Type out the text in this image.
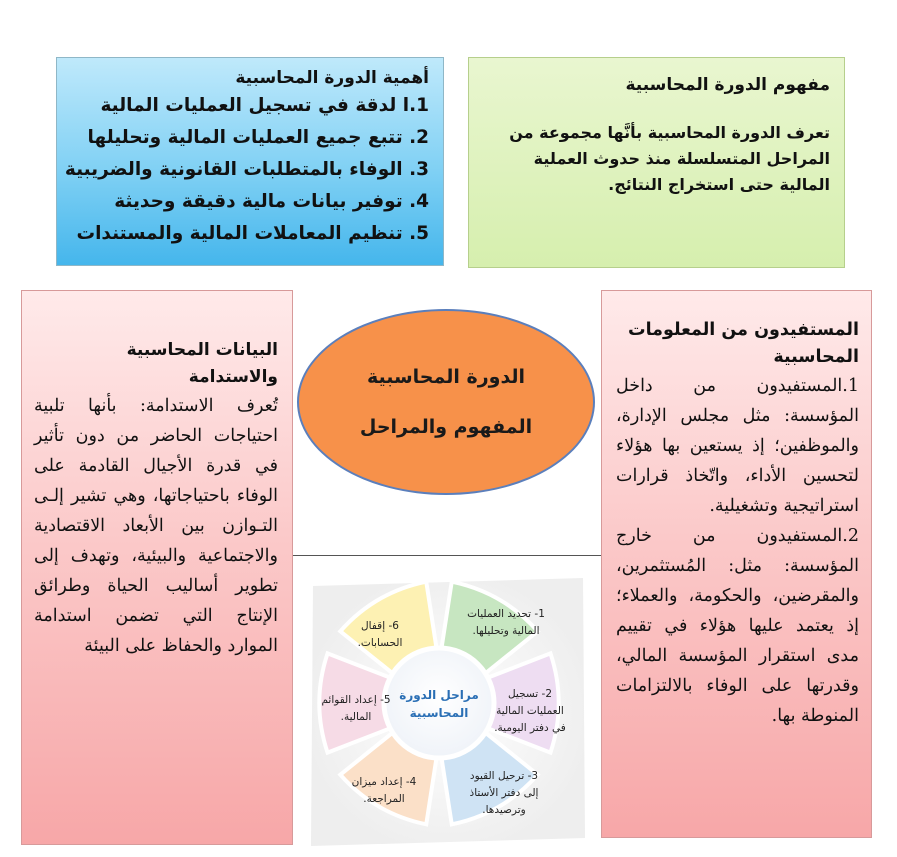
أهمية الدورة المحاسبية
1.ا لدقة في تسجيل العمليات المالية
2. تتبع جميع العمليات المالية وتحليلها
3. الوفاء بالمتطلبات القانونية والضريبية
4. توفير بيانات مالية دقيقة وحديثة
5. تنظيم المعاملات المالية والمستندات
مفهوم الدورة المحاسبية
تعرف الدورة المحاسبية بأنَّها مجموعة من المراحل المتسلسلة منذ حدوث العملية المالية حتى استخراج النتائج.
البيانات المحاسبية والاستدامة
تُعرف الاستدامة: بأنها تلبية احتياجات الحاضر من دون تأثير في قدرة الأجيال القادمة على الوفاء باحتياجاتها، وهي تشير إلـى التـوازن بين الأبعاد الاقتصادية والاجتماعية والبيئية، وتهدف إلى تطوير أساليب الحياة وطرائق الإنتاج التي تضمن استدامة الموارد والحفاظ على البيئة
المستفيدون من المعلومات المحاسبية
1.المستفيدون من داخل المؤسسة: مثل مجلس الإدارة، والموظفين؛ إذ يستعين بها هؤلاء لتحسين الأداء، واتّخاذ قرارات استراتيجية وتشغيلية.
2.المستفيدون من خارج المؤسسة: مثل: المُستثمرين، والمقرضين، والحكومة، والعملاء؛ إذ يعتمد عليها هؤلاء في تقييم مدى استقرار المؤسسة المالي، وقدرتها على الوفاء بالالتزامات المنوطة بها.
الدورة المحاسبية
المفهوم والمراحل
مراحل الدورة
المحاسبية
1- تحديد العمليات المالية وتحليلها.
2- تسجيل العمليات المالية في دفتر اليومية.
3- ترحيل القيود إلى دفتر الأستاذ وترصيدها.
4- إعداد ميزان المراجعة.
5- إعداد القوائم المالية.
6- إقفال الحسابات.
